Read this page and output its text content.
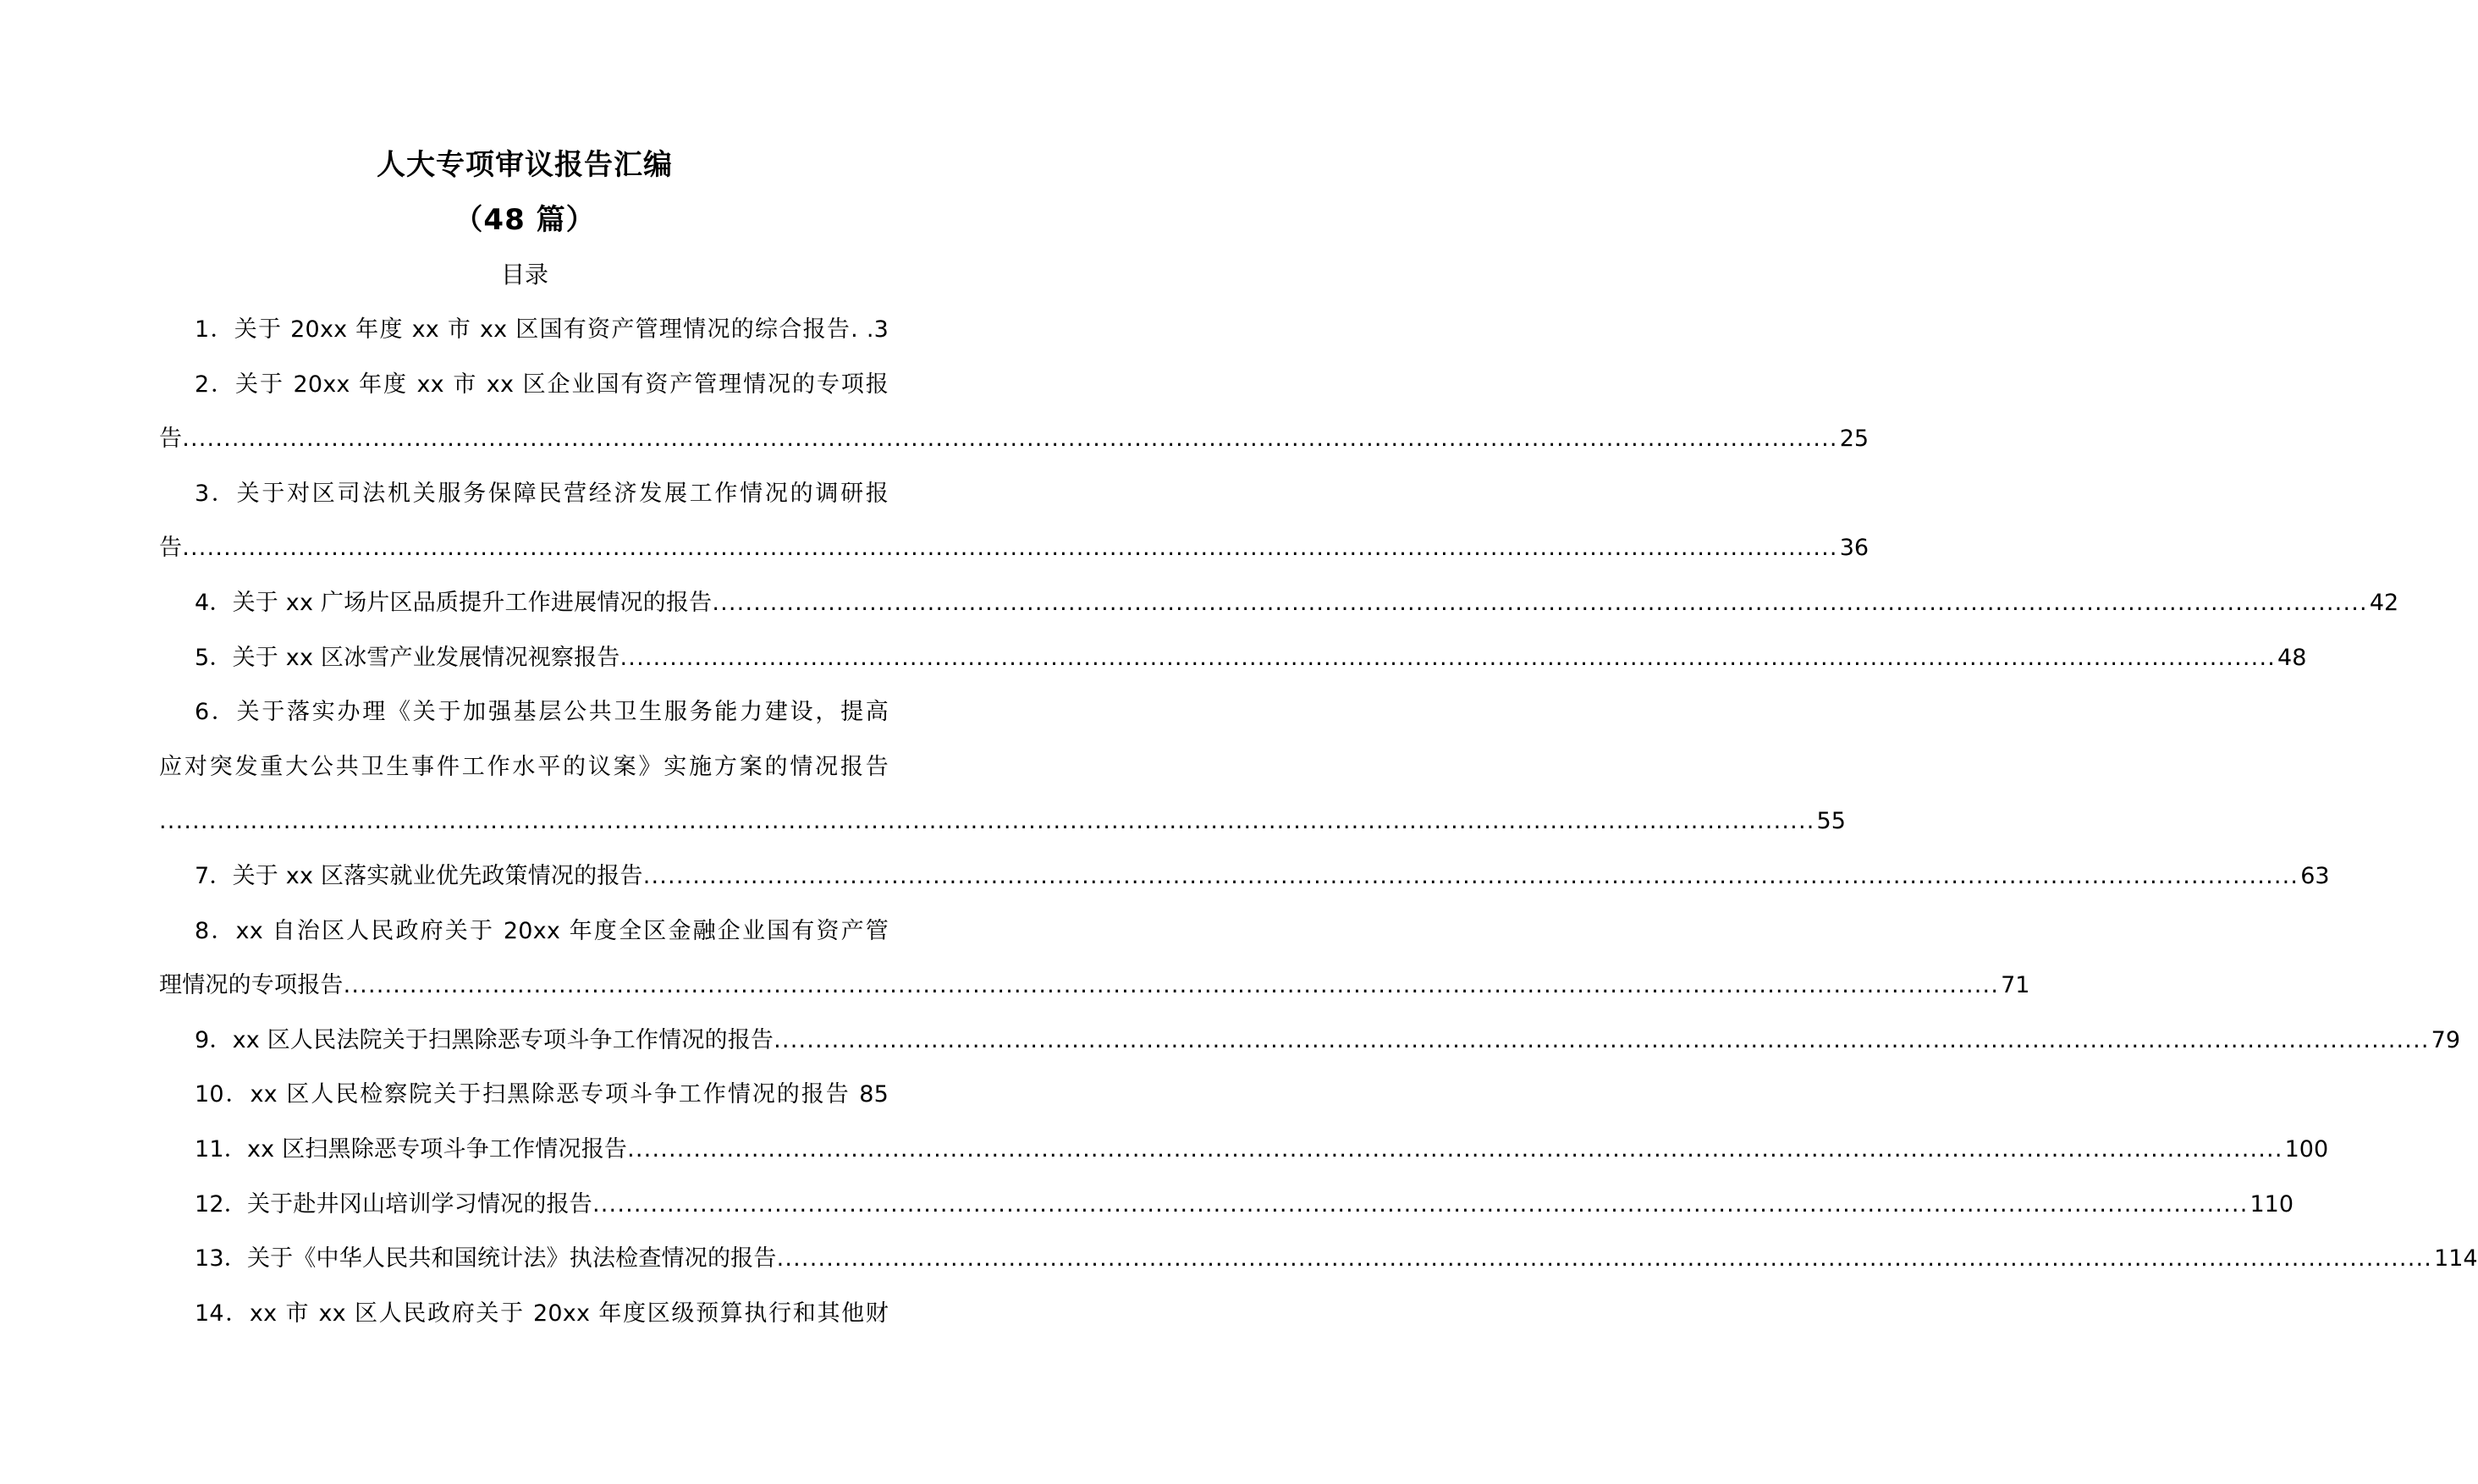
人大专项审议报告汇编
（48 篇）
目录
1．关于 20xx 年度 xx 市 xx 区国有资产管理情况的综合报告. .3
2．关于 20xx 年度 xx 市 xx 区企业国有资产管理情况的专项报
告 ........................................................................................................................................................................................................ 25
3．关于对区司法机关服务保障民营经济发展工作情况的调研报
告 ........................................................................................................................................................................................................ 36
4．关于 xx 广场片区品质提升工作进展情况的报告 ........................................................................................................................................................................................................ 42
5．关于 xx 区冰雪产业发展情况视察报告 ........................................................................................................................................................................................................ 48
6．关于落实办理《关于加强基层公共卫生服务能力建设，提高
应对突发重大公共卫生事件工作水平的议案》实施方案的情况报告
........................................................................................................................................................................................................ 55
7．关于 xx 区落实就业优先政策情况的报告 ........................................................................................................................................................................................................ 63
8．xx 自治区人民政府关于 20xx 年度全区金融企业国有资产管
理情况的专项报告 ........................................................................................................................................................................................................ 71
9．xx 区人民法院关于扫黑除恶专项斗争工作情况的报告 ........................................................................................................................................................................................................ 79
10．xx 区人民检察院关于扫黑除恶专项斗争工作情况的报告 85
11．xx 区扫黑除恶专项斗争工作情况报告 ........................................................................................................................................................................................................ 100
12．关于赴井冈山培训学习情况的报告 ........................................................................................................................................................................................................ 110
13．关于《中华人民共和国统计法》执法检查情况的报告 ........................................................................................................................................................................................................ 114
14．xx 市 xx 区人民政府关于 20xx 年度区级预算执行和其他财
